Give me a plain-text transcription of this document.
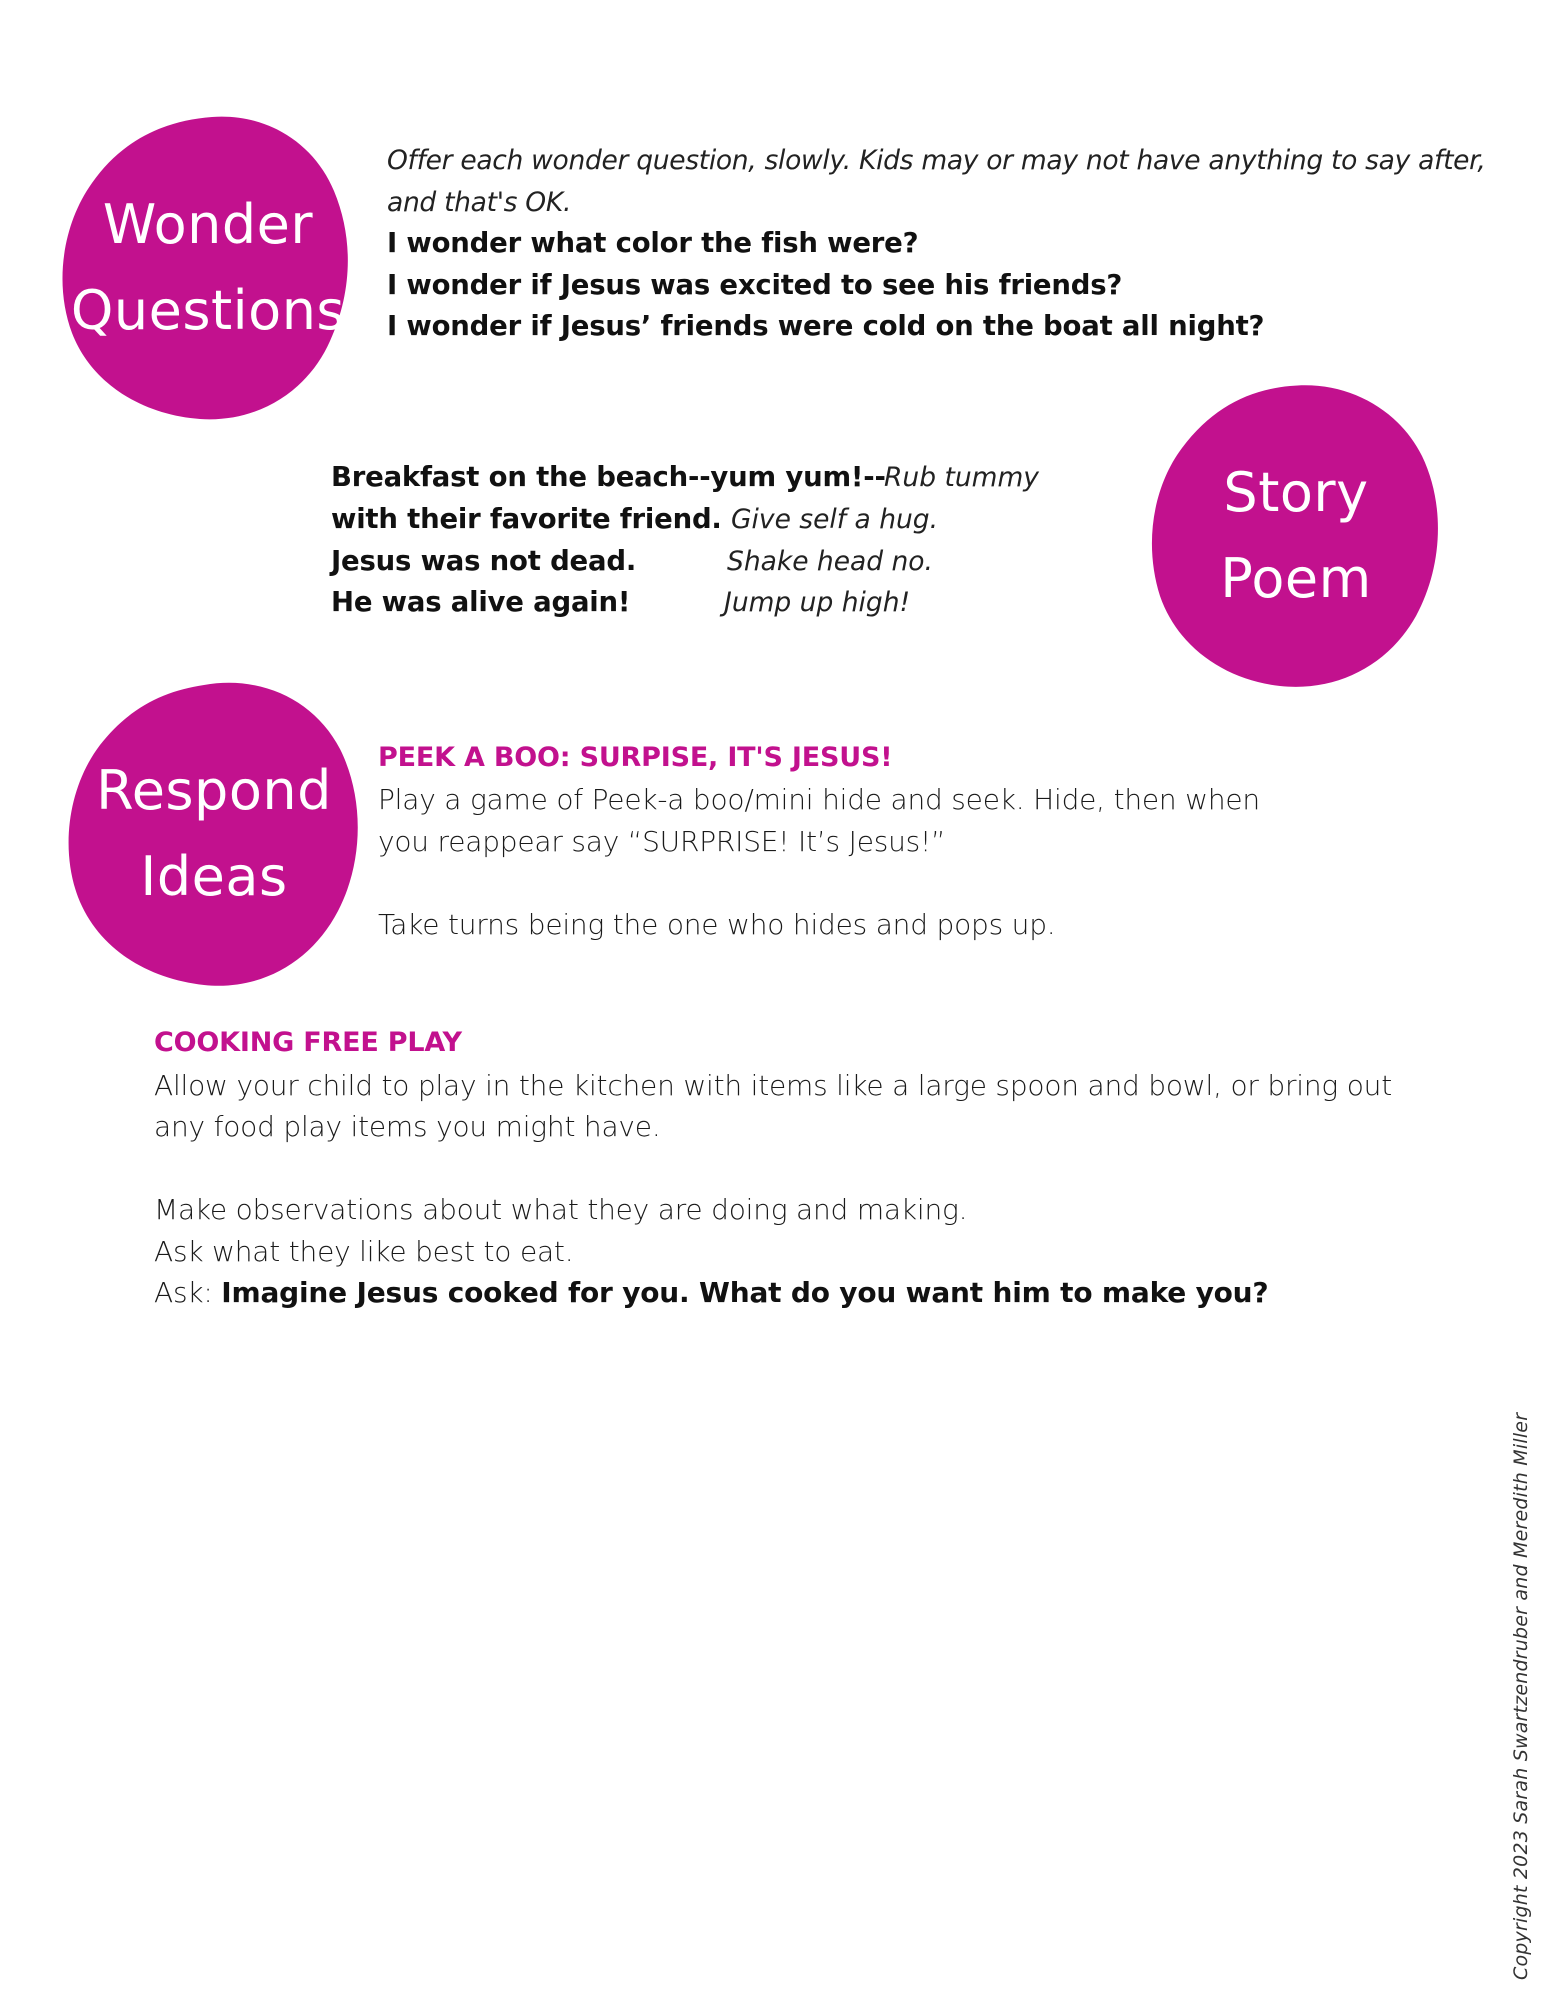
Wonder
Questions
Offer each wonder question, slowly. Kids may or may not have anything to say after,
and that's OK.
I wonder what color the fish were?
I wonder if Jesus was excited to see his friends?
I wonder if Jesus’ friends were cold on the boat all night?
Breakfast on the beach--yum yum!--
Rub tummy
with their favorite friend. Give self a hug.
Jesus was not dead.	Shake head no.
He was alive again!	Jump up high!
Story
Poem
Respond
Ideas
PEEK A BOO: SURPISE, IT'S JESUS!
Play a game of Peek-a boo/mini hide and seek. Hide, then when
you reappear say “SURPRISE! It’s Jesus!”
Take turns being the one who hides and pops up.
COOKING FREE PLAY
Allow your child to play in the kitchen with items like a large spoon and bowl, or bring out
any food play items you might have.
Make observations about what they are doing and making.
Ask what they like best to eat.
Ask: Imagine Jesus cooked for you. What do you want him to make you?
Copyright 2023 Sarah Swartzendruber and Meredith Miller
